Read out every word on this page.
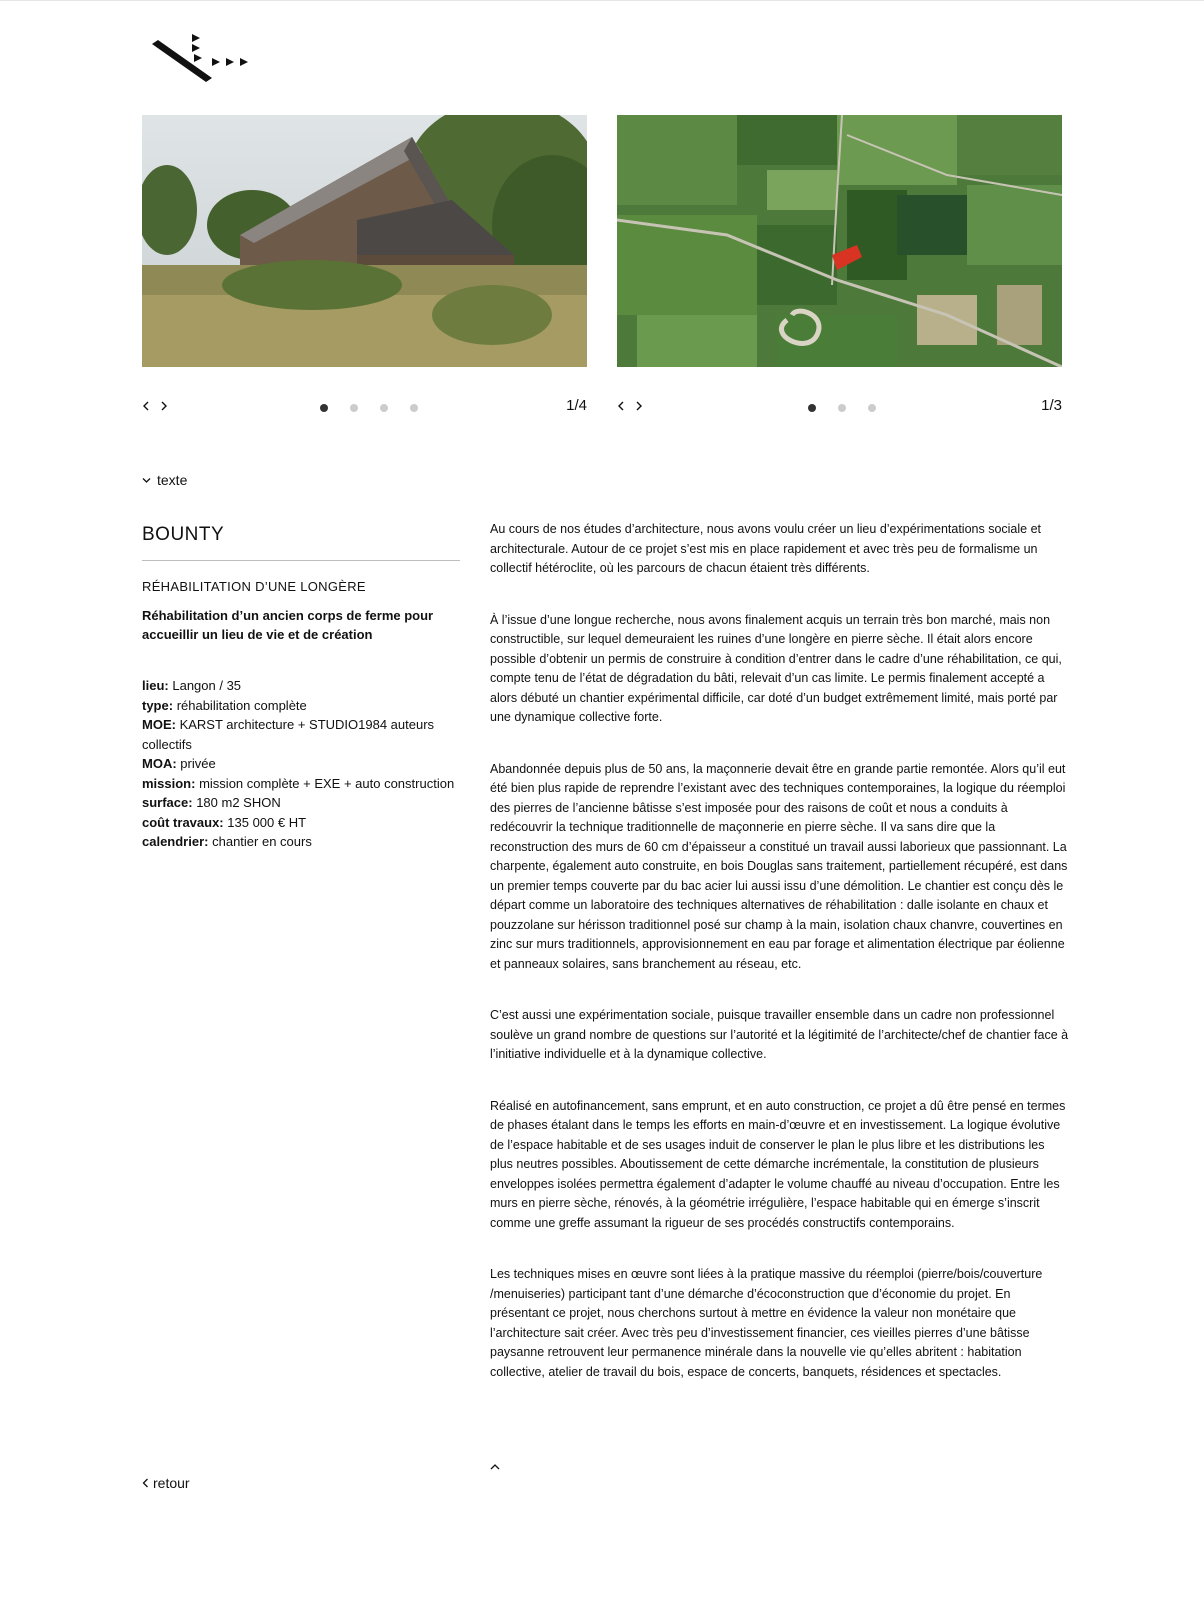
1/4	1/3
texte
BOUNTY
RÉHABILITATION D’UNE LONGÈRE
Réhabilitation d’un ancien corps de ferme pour accueillir un lieu de vie et de création
lieu: Langon / 35
type: réhabilitation complète
MOE: KARST architecture + STUDIO1984 auteurs collectifs
MOA: privée
mission: mission complète + EXE + auto construction
surface: 180 m2 SHON
coût travaux: 135 000 € HT
calendrier: chantier en cours

Au cours de nos études d’architecture, nous avons voulu créer un lieu d’expérimentations sociale et architecturale. Autour de ce projet s’est mis en place rapidement et avec très peu de formalisme un collectif hétéroclite, où les parcours de chacun étaient très différents.

À l’issue d’une longue recherche, nous avons finalement acquis un terrain très bon marché, mais non constructible, sur lequel demeuraient les ruines d’une longère en pierre sèche. Il était alors encore possible d’obtenir un permis de construire à condition d’entrer dans le cadre d’une réhabilitation, ce qui, compte tenu de l’état de dégradation du bâti, relevait d’un cas limite. Le permis finalement accepté a alors débuté un chantier expérimental difficile, car doté d’un budget extrêmement limité, mais porté par une dynamique collective forte.

Abandonnée depuis plus de 50 ans, la maçonnerie devait être en grande partie remontée. Alors qu’il eut été bien plus rapide de reprendre l’existant avec des techniques contemporaines, la logique du réemploi des pierres de l’ancienne bâtisse s’est imposée pour des raisons de coût et nous a conduits à redécouvrir la technique traditionnelle de maçonnerie en pierre sèche. Il va sans dire que la reconstruction des murs de 60 cm d’épaisseur a constitué un travail aussi laborieux que passionnant. La charpente, également auto construite, en bois Douglas sans traitement, partiellement récupéré, est dans un premier temps couverte par du bac acier lui aussi issu d’une démolition. Le chantier est conçu dès le départ comme un laboratoire des techniques alternatives de réhabilitation : dalle isolante en chaux et pouzzolane sur hérisson traditionnel posé sur champ à la main, isolation chaux chanvre, couvertines en zinc sur murs traditionnels, approvisionnement en eau par forage et alimentation électrique par éolienne et panneaux solaires, sans branchement au réseau, etc.

C’est aussi une expérimentation sociale, puisque travailler ensemble dans un cadre non professionnel soulève un grand nombre de questions sur l’autorité et la légitimité de l’architecte/chef de chantier face à l’initiative individuelle et à la dynamique collective.

Réalisé en autofinancement, sans emprunt, et en auto construction, ce projet a dû être pensé en termes de phases étalant dans le temps les efforts en main-d’œuvre et en investissement. La logique évolutive de l’espace habitable et de ses usages induit de conserver le plan le plus libre et les distributions les plus neutres possibles. Aboutissement de cette démarche incrémentale, la constitution de plusieurs enveloppes isolées permettra également d’adapter le volume chauffé au niveau d’occupation. Entre les murs en pierre sèche, rénovés, à la géométrie irrégulière, l’espace habitable qui en émerge s’inscrit comme une greffe assumant la rigueur de ses procédés constructifs contemporains.

Les techniques mises en œuvre sont liées à la pratique massive du réemploi (pierre/bois/couverture /menuiseries) participant tant d’une démarche d’écoconstruction que d’économie du projet. En présentant ce projet, nous cherchons surtout à mettre en évidence la valeur non monétaire que l’architecture sait créer. Avec très peu d’investissement financier, ces vieilles pierres d’une bâtisse paysanne retrouvent leur permanence minérale dans la nouvelle vie qu’elles abritent : habitation collective, atelier de travail du bois, espace de concerts, banquets, résidences et spectacles.

retour
